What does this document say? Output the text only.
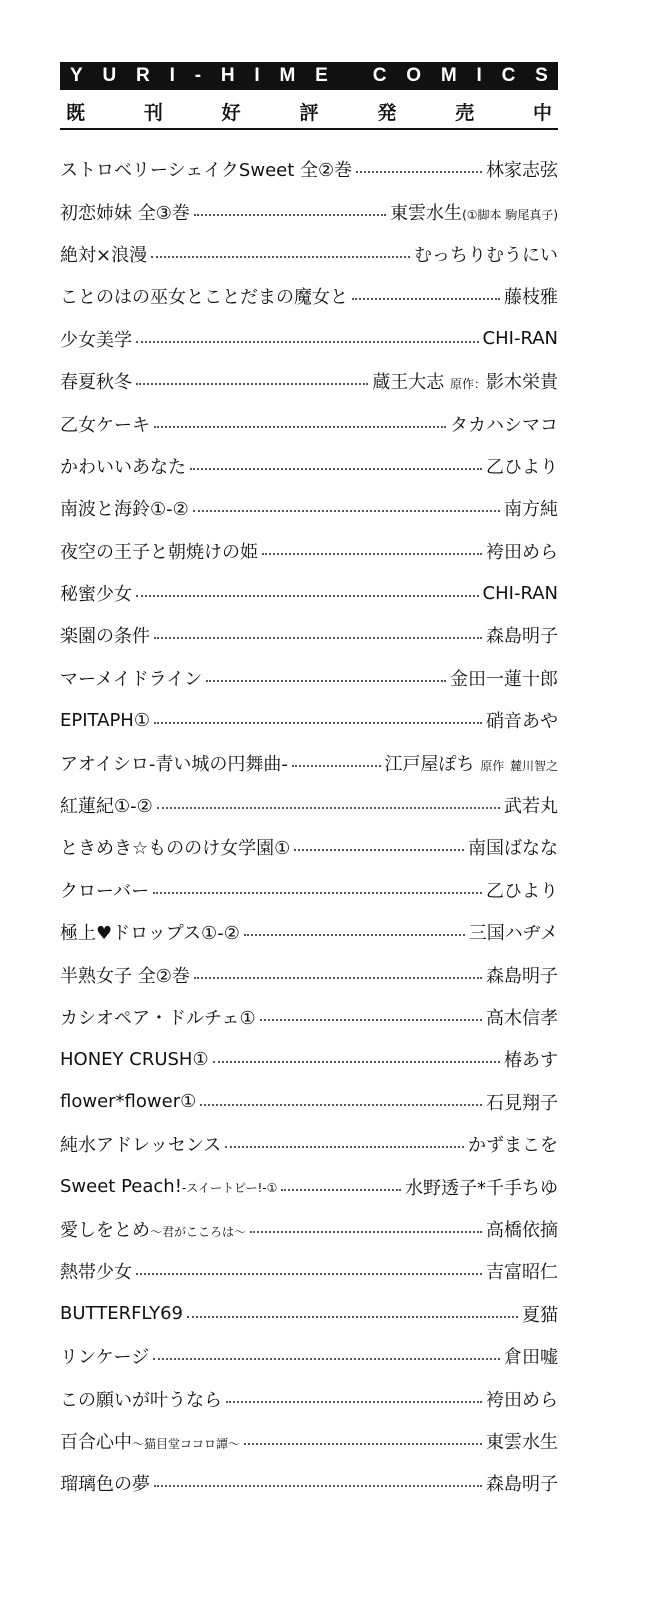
Y U R I - H I M E
C O M I C S
既	刊	好	評	発	売	中
ストロベリーシェイクSweet 全②巻	林家志弦
初恋姉妹 全③巻	東雲水生(①脚本 駒尾真子)
絶対×浪漫	むっちりむうにい
ことのはの巫女とことだまの魔女と	藤枝雅
少女美学	CHI-RAN
春夏秋冬	蔵王大志 原作：影木栄貴
乙女ケーキ	タカハシマコ
かわいいあなた	乙ひより
南波と海鈴①-②	南方純
夜空の王子と朝焼けの姫	袴田めら
秘蜜少女	CHI-RAN
楽園の条件	森島明子
マーメイドライン	金田一蓮十郎
EPITAPH①	硝音あや
アオイシロ-青い城の円舞曲-	江戸屋ぽち 原作 麓川智之
紅蓮紀①-②	武若丸
ときめき☆もののけ女学園①	南国ばなな
クローバー	乙ひより
極上♥ドロップス①-②	三国ハヂメ
半熟女子 全②巻	森島明子
カシオペア・ドルチェ①	高木信孝
HONEY CRUSH①	椿あす
flower*flower①	石見翔子
純水アドレッセンス	かずまこを
Sweet Peach!-スイートピー!-①	水野透子*千手ちゆ
愛しをとめ〜君がこころは〜	高橋依摘
熱帯少女	吉富昭仁
BUTTERFLY69	夏猫
リンケージ	倉田嘘
この願いが叶うなら	袴田めら
百合心中〜猫目堂ココロ譚〜	東雲水生
瑠璃色の夢	森島明子
